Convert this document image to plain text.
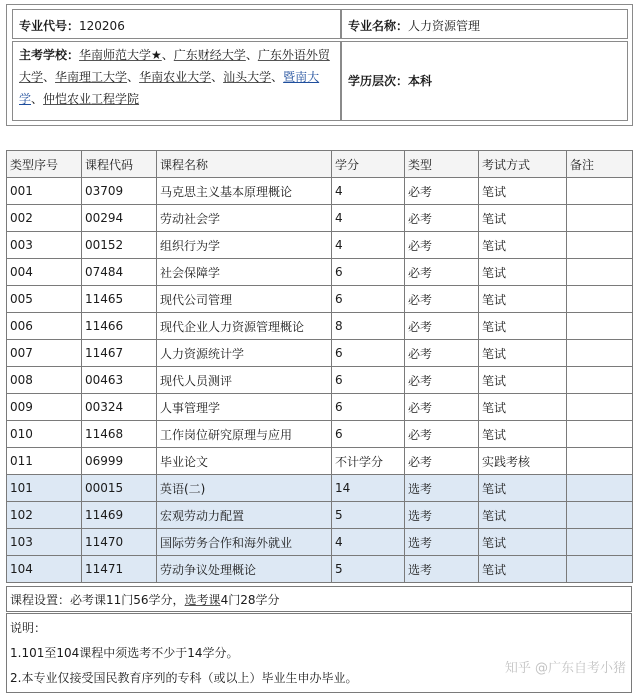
专业代号：120206	专业名称：人力资源管理
主考学校：华南师范大学★、广东财经大学、广东外语外贸大学、华南理工大学、华南农业大学、汕头大学、暨南大学、仲恺农业工程学院
学历层次：本科
类型序号	课程代码	课程名称	学分	类型	考试方式	备注
001	03709	马克思主义基本原理概论	4	必考	笔试	
002	00294	劳动社会学	4	必考	笔试	
003	00152	组织行为学	4	必考	笔试	
004	07484	社会保障学	6	必考	笔试	
005	11465	现代公司管理	6	必考	笔试	
006	11466	现代企业人力资源管理概论	8	必考	笔试	
007	11467	人力资源统计学	6	必考	笔试	
008	00463	现代人员测评	6	必考	笔试	
009	00324	人事管理学	6	必考	笔试	
010	11468	工作岗位研究原理与应用	6	必考	笔试	
011	06999	毕业论文	不计学分	必考	实践考核	
101	00015	英语(二)	14	选考	笔试	
102	11469	宏观劳动力配置	5	选考	笔试	
103	11470	国际劳务合作和海外就业	4	选考	笔试	
104	11471	劳动争议处理概论	5	选考	笔试	
课程设置：必考课11门56学分，选考课4门28学分
说明：
1.101至104课程中须选考不少于14学分。
2.本专业仅接受国民教育序列的专科（或以上）毕业生申办毕业。
知乎 @广东自考小猪
